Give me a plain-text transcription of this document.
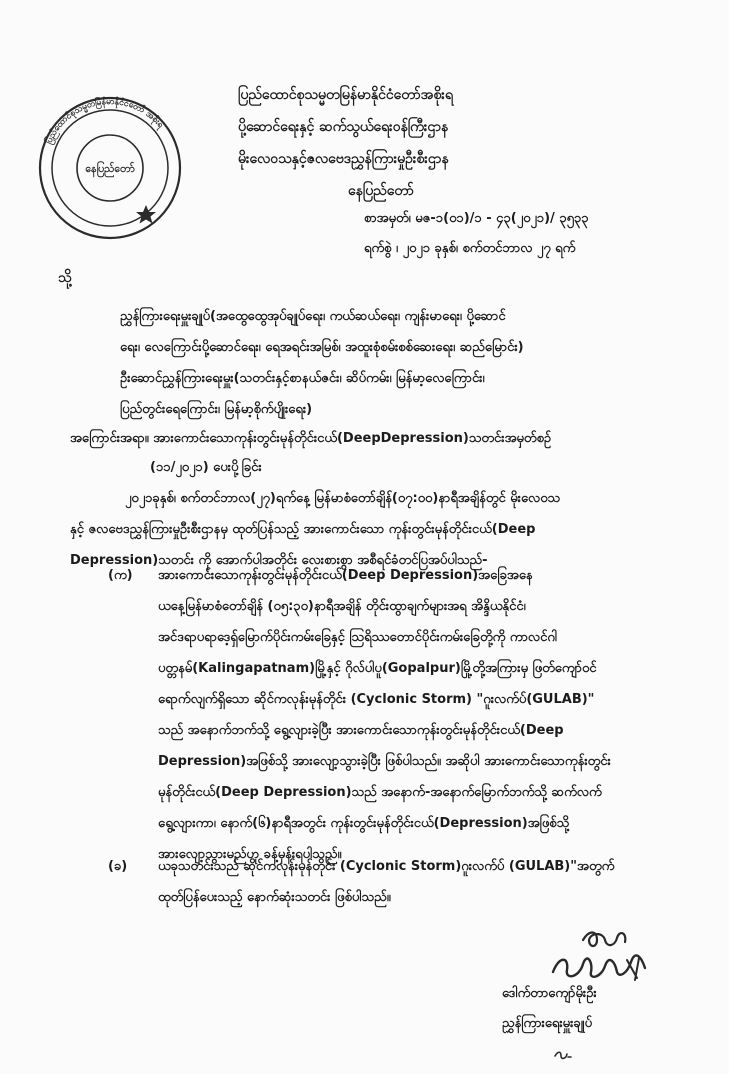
ပြည်ထောင်စုသမ္မတမြန်မာနိုင်ငံတော် အစိုးရ
နေပြည်တော်
ပြည်ထောင်စုသမ္မတမြန်မာနိုင်ငံတော်အစိုးရ
ပို့ဆောင်ရေးနှင့် ဆက်သွယ်ရေးဝန်ကြီးဌာန
မိုးလေဝသနှင့်ဇလဗေဒညွှန်ကြားမှုဦးစီးဌာန
နေပြည်တော်
စာအမှတ်၊ မဇ-၁(၀၁)/၁ - ၄၃(၂၀၂၁)/ ၃၅၃၃
ရက်စွဲ ၊ ၂၀၂၁ ခုနှစ်၊ စက်တင်ဘာလ ၂၇ ရက်
သို့
ညွှန်ကြားရေးမှူးချုပ်(အထွေထွေအုပ်ချုပ်ရေး၊ ကယ်ဆယ်ရေး၊ ကျန်းမာရေး၊ ပို့ဆောင်
ရေး၊ လေကြောင်းပို့ဆောင်ရေး၊ ရေအရင်းအမြစ်၊ အထူးစုံစမ်းစစ်ဆေးရေး၊ ဆည်မြောင်း)
ဦးဆောင်ညွှန်ကြားရေးမှူး(သတင်းနှင့်စာနယ်ဇင်း၊ ဆိပ်ကမ်း၊ မြန်မာ့လေကြောင်း၊
ပြည်တွင်းရေကြောင်း၊ မြန်မာ့စိုက်ပျိုးရေး)
အကြောင်းအရာ။ အားကောင်းသောကုန်းတွင်းမုန်တိုင်းငယ်(DeepDepression)သတင်းအမှတ်စဉ်
(၁၁/၂၀၂၁) ပေးပို့ခြင်း
၂၀၂၁ခုနှစ်၊ စက်တင်ဘာလ(၂၇)ရက်နေ့ မြန်မာစံတော်ချိန်(၀၇:၀၀)နာရီအချိန်တွင် မိုးလေဝသ
နှင့် ဇလဗေဒညွှန်ကြားမှုဦးစီးဌာနမှ ထုတ်ပြန်သည့် အားကောင်းသော ကုန်းတွင်းမုန်တိုင်းငယ်(Deep
Depression)သတင်း ကို အောက်ပါအတိုင်း လေးစားစွာ အစီရင်ခံတင်ပြအပ်ပါသည်-
(က) အားကောင်းသောကုန်းတွင်းမုန်တိုင်းငယ်(Deep Depression)အခြေအနေ
ယနေ့မြန်မာစံတော်ချိန် (၀၅:၃၀)နာရီအချိန် တိုင်းထွာချက်များအရ အိန္ဒိယနိုင်ငံ၊
အင်ဒရာပရာဒေ့ရှ်မြောက်ပိုင်းကမ်းခြေနှင့် ဩရိဿတောင်ပိုင်းကမ်းခြေတို့ကို ကာလင်ဂါ
ပတ္တနမ်(Kalingapatnam)မြို့နှင့် ဂိုလ်ပါပူ(Gopalpur)မြို့တို့အကြားမှ ဖြတ်ကျော်ဝင်
ရောက်လျက်ရှိသော ဆိုင်ကလုန်းမုန်တိုင်း (Cyclonic Storm) "ဂူးလက်ပ်(GULAB)"
သည် အနောက်ဘက်သို့ ရွေ့လျားခဲ့ပြီး အားကောင်းသောကုန်းတွင်းမုန်တိုင်းငယ်(Deep
Depression)အဖြစ်သို့ အားလျော့သွားခဲ့ပြီး ဖြစ်ပါသည်။ အဆိုပါ အားကောင်းသောကုန်းတွင်း
မုန်တိုင်းငယ်(Deep Depression)သည် အနောက်-အနောက်မြောက်ဘက်သို့ ဆက်လက်
ရွေ့လျားကာ၊ နောက်(၆)နာရီအတွင်း ကုန်းတွင်းမုန်တိုင်းငယ်(Depression)အဖြစ်သို့
အားလျော့သွားမည်ဟု ခန့်မှန်းရပါသည်။
(ခ) ယခုသတင်းသည် ဆိုင်ကလုန်းမုန်တိုင်း (Cyclonic Storm)ဂူးလက်ပ် (GULAB)"အတွက်
ထုတ်ပြန်ပေးသည့် နောက်ဆုံးသတင်း ဖြစ်ပါသည်။
ဒေါက်တာကျော်မိုးဦး
ညွှန်ကြားရေးမှူးချုပ်
